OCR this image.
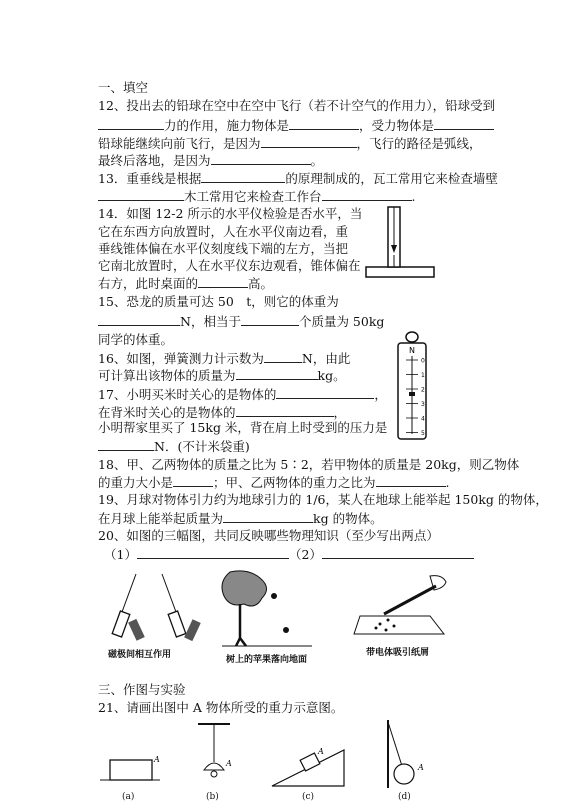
一、填空
12、投出去的铅球在空中在空中飞行（若不计空气的作用力），铅球受到
力的作用，施力物体是	，受力物体是
铅球能继续向前飞行，是因为	，飞行的路径是弧线，
最终后落地，是因为	。
13．重垂线是根据	的原理制成的，瓦工常用它来检查墙壁
木工常用它来检查工作台	.
14．如图 12-2 所示的水平仪检验是否水平，当
它在东西方向放置时，人在水平仪南边看，重
垂线锥体偏在水平仪刻度线下端的左方，当把
它南北放置时，人在水平仪东边观看，锥体偏在
右方，此时桌面的	高。
15、恐龙的质量可达 50　t，则它的体重为
N，相当于	个质量为 50kg
同学的体重。
16、如图，弹簧测力计示数为	N，由此
可计算出该物体的质量为	kg。
N
0
1
2
3
4
5
17、小明买米时关心的是物体的	，
在背米时关心的是物体的	，
小明帮家里买了 15kg 米，背在肩上时受到的压力是
N．(不计米袋重)
18、甲、乙两物体的质量之比为 5∶2，若甲物体的质量是 20kg，则乙物体
的重力大小是	；甲、乙两物体的重力之比为	.
19、月球对物体引力约为地球引力的 1/6，某人在地球上能举起 150kg 的物体，
在月球上能举起质量为	kg 的物体。
20、如图的三幅图，共同反映哪些物理知识（至少写出两点）
（1）	（2）
磁极间相互作用	树上的苹果落向地面
带电体吸引纸屑
三、作图与实验
21、请画出图中 A 物体所受的重力示意图。
A
(a)
A
(b)
A
(c)
A
(d)
